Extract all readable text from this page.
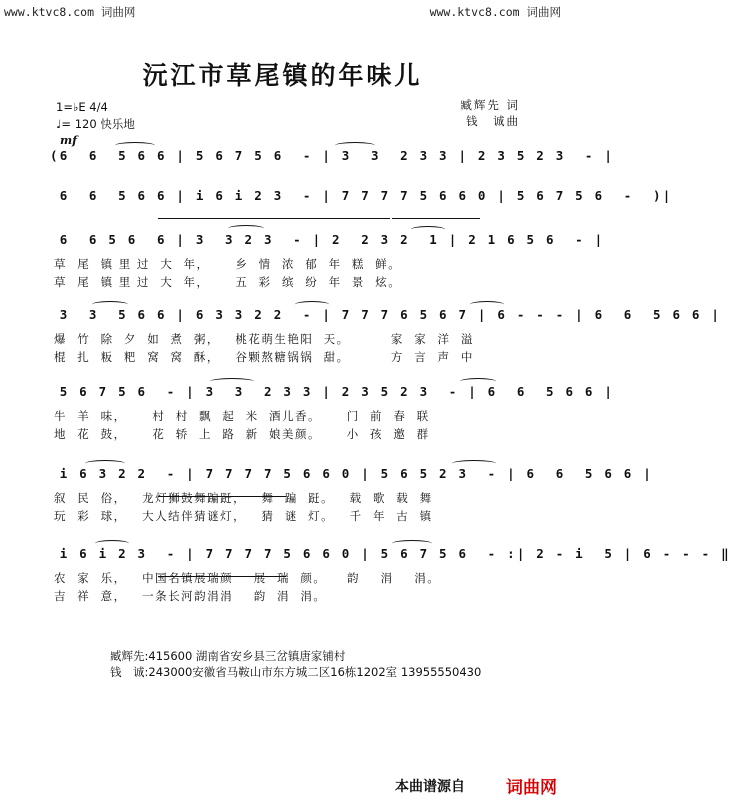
www.ktvc8.com 词曲网	www.ktvc8.com 词曲网
沅江市草尾镇的年味儿
臧辉先 词
钱　诚曲
1=♭E 4/4
♩= 120 快乐地
mf
(6  6  5 6 6 | 5 6 7 5 6  - | 3  3  2 3 3 | 2 3 5 2 3  - |
6  6  5 6 6 | i 6 i 2 3  - | 7 7 7 7 5 6 6 0 | 5 6 7 5 6  -  )|
6  6 5 6  6 | 3  3 2 3  - | 2  2 3 2  1 | 2 1 6 5 6  - |
草  尾  镇 里 过  大  年，     乡  情  浓  郁  年  糕  鲜。
草  尾  镇 里 过  大  年，     五  彩  缤  纷  年  景  炫。
3  3  5 6 6 | 6 3 3 2 2  - | 7 7 7 6 5 6 7 | 6 - - - | 6  6  5 6 6 |
爆  竹  除  夕  如  煮  粥，   桃花萌生艳阳  天。        家  家  洋  溢
棍  扎  粄  粑  窝  窝  酥，   谷颗熬糖锅锅  甜。        方  言  声  中
5 6 7 5 6  - | 3  3  2 3 3 | 2 3 5 2 3  - | 6  6  5 6 6 |
牛  羊  味，     村  村  飘  起  米  酒儿香。     门  前  春  联
地  花  鼓，     花  轿  上  路  新  娘美颜。     小  孩  邀  群
i 6 3 2 2  - | 7 7 7 7 5 6 6 0 | 5 6 5 2 3  - | 6  6  5 6 6 |
叙  民  俗，   龙灯狮鼓舞蹁跹，   舞  蹁  跹。   载  歌  载  舞
玩  彩  球，   大人结伴猜谜灯，   猜  谜  灯。   千  年  古  镇
i 6 i 2 3  - | 7 7 7 7 5 6 6 0 | 5 6 7 5 6  - :| 2 - i  5 | 6 - - - ‖
农  家  乐，   中国名镇展瑞颜    展  瑞  颜。    韵    涓    涓。
吉  祥  意，   一条长河韵涓涓    韵  涓  涓。
臧辉先:415600 湖南省安乡县三岔镇唐家铺村
钱　诚:243000安徽省马鞍山市东方城二区16栋1202室 13955550430
本曲谱源自 词曲网
